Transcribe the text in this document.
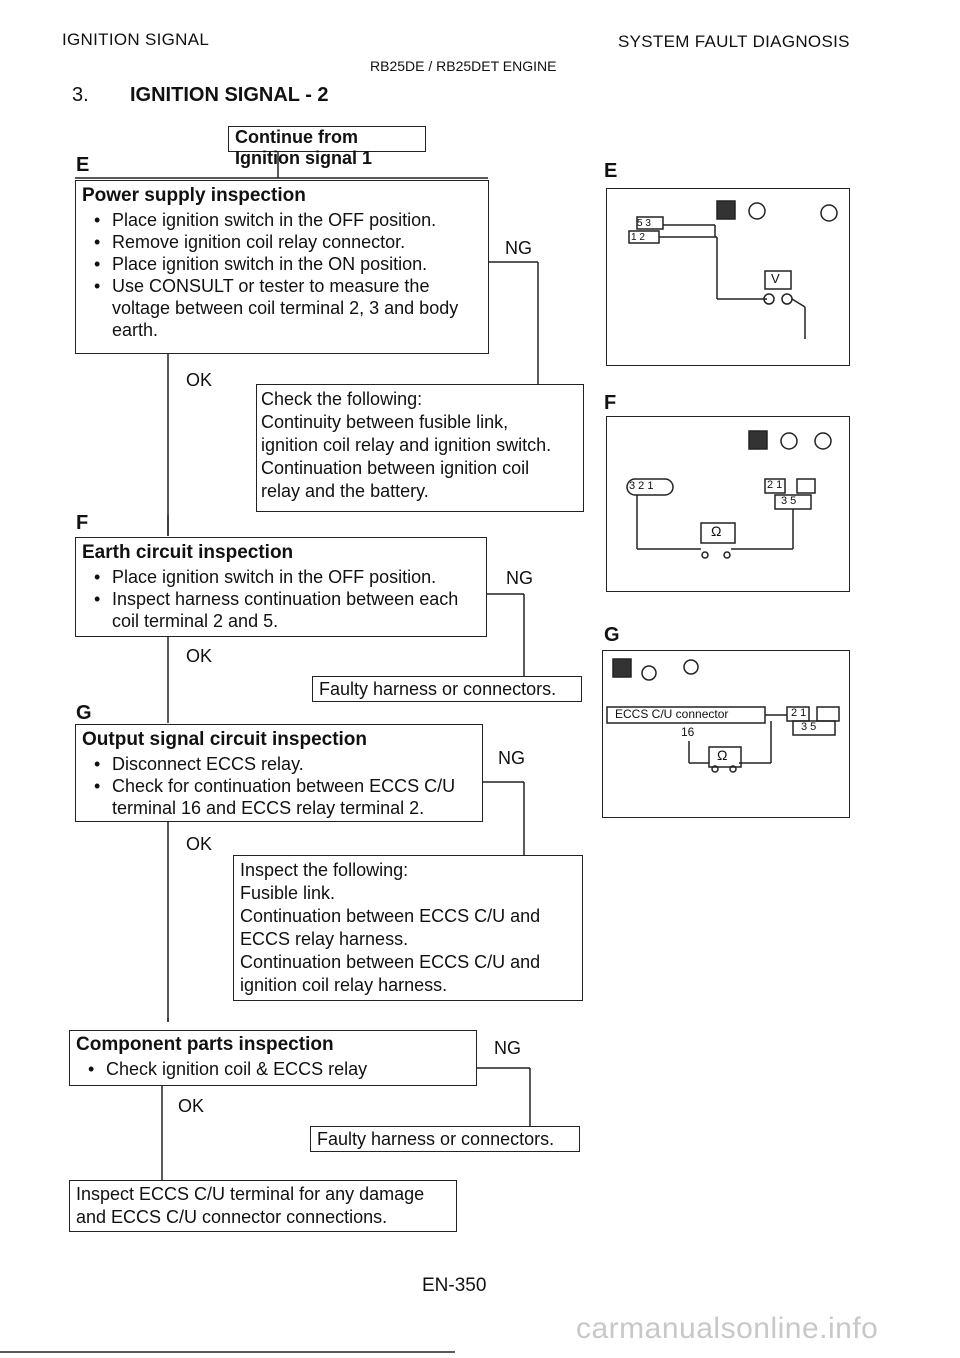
IGNITION SIGNAL	SYSTEM FAULT DIAGNOSIS
RB25DE / RB25DET ENGINE
3. IGNITION SIGNAL - 2
Continue from Ignition signal 1
E
Power supply inspection
• Place ignition switch in the OFF position.
• Remove ignition coil relay connector.
• Place ignition switch in the ON position.
• Use CONSULT or tester to measure the voltage between coil terminal 2, 3 and body earth.
NG
OK
Check the following:
Continuity between fusible link,
ignition coil relay and ignition switch.
Continuation between ignition coil
relay and the battery.
F
Earth circuit inspection
• Place ignition switch in the OFF position.
• Inspect harness continuation between each coil terminal 2 and 5.
NG
OK
Faulty harness or connectors.
G
Output signal circuit inspection
• Disconnect ECCS relay.
• Check for continuation between ECCS C/U terminal 16 and ECCS relay terminal 2.
NG
OK
Inspect the following:
Fusible link.
Continuation between ECCS C/U and
ECCS relay harness.
Continuation between ECCS C/U and
ignition coil relay harness.
Component parts inspection
• Check ignition coil & ECCS relay
NG
OK
Faulty harness or connectors.
Inspect ECCS C/U terminal for any damage
and ECCS C/U connector connections.
E
5 3
1 2
V
F
3 2 1	2 1
3 5
Ω
G
ECCS C/U connector
16
2 1
3 5
Ω
EN-350
carmanualsonline.info
